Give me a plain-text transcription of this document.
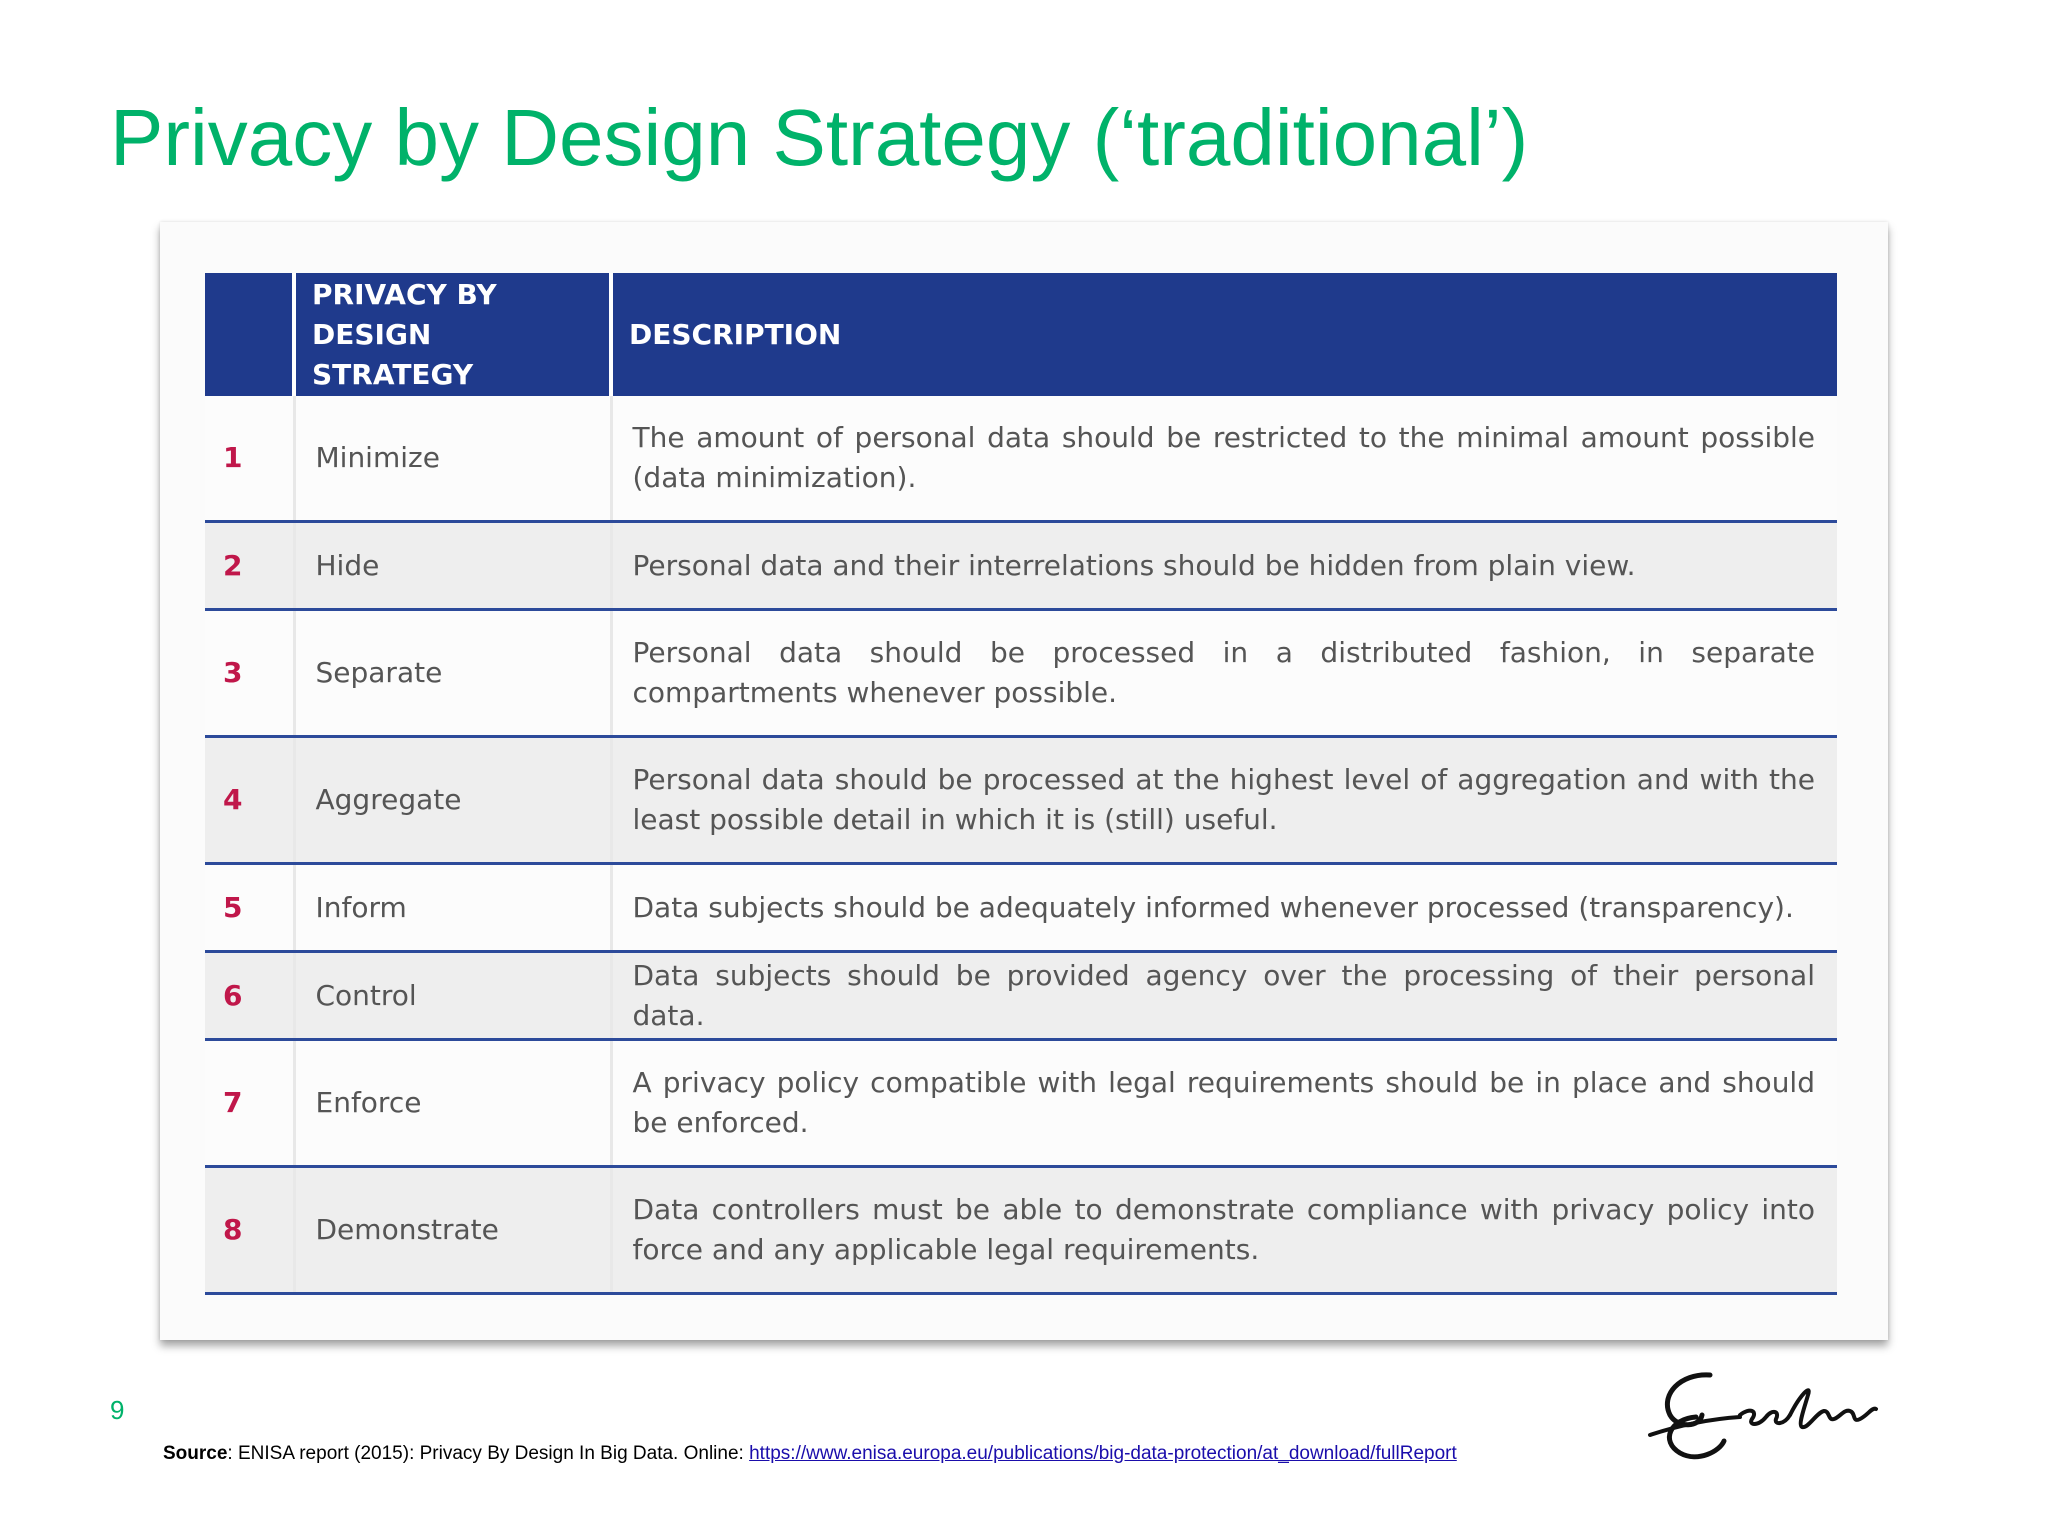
Privacy by Design Strategy (‘traditional’)
	PRIVACY BY DESIGN STRATEGY	DESCRIPTION
1	Minimize	The amount of personal data should be restricted to the minimal amount possible (data minimization).
2	Hide	Personal data and their interrelations should be hidden from plain view.
3	Separate	Personal data should be processed in a distributed fashion, in separate compartments whenever possible.
4	Aggregate	Personal data should be processed at the highest level of aggregation and with the least possible detail in which it is (still) useful.
5	Inform	Data subjects should be adequately informed whenever processed (transparency).
6	Control	Data subjects should be provided agency over the processing of their personal data.
7	Enforce	A privacy policy compatible with legal requirements should be in place and should be enforced.
8	Demonstrate	Data controllers must be able to demonstrate compliance with privacy policy into force and any applicable legal requirements.
9
Source: ENISA report (2015): Privacy By Design In Big Data. Online: https://www.enisa.europa.eu/publications/big-data-protection/at_download/fullReport
